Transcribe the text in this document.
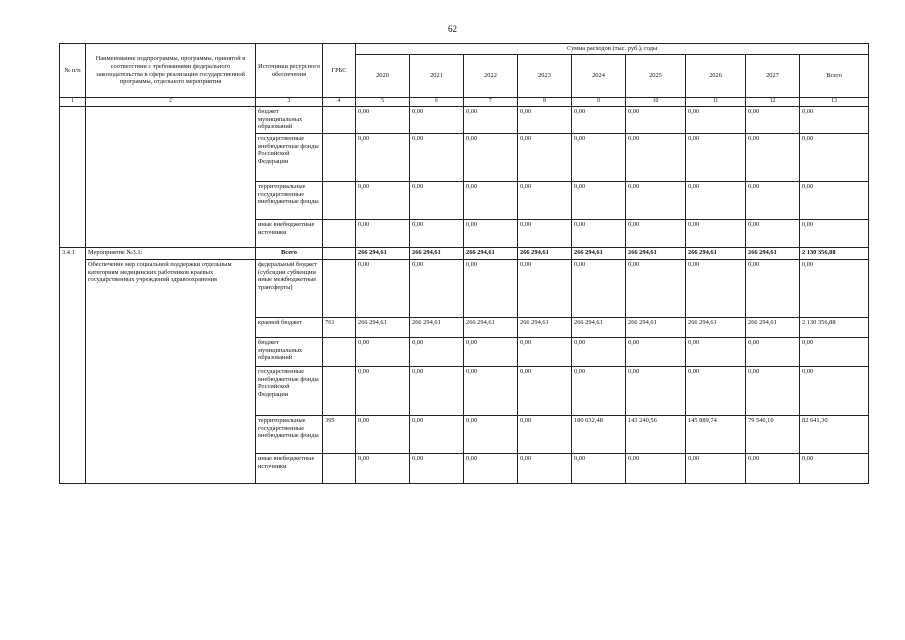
62
№ п/п	Наименование подпрограммы, программы, принятой в соответствии с требованиями федерального законодательства в сфере реализации государственной программы, отдельного мероприятия	Источники ресурсного обеспечения	ГРБС	Сумма расходов (тыс. руб.), годы								
				2020	2021	2022	2023	2024	2025	2026	2027	Всего
1	2	3	4	5	6	7	8	9	10	11	12	13
		бюджет муниципальных образований		0,00	0,00	0,00	0,00	0,00	0,00	0,00	0,00	0,00
		государственные внебюджетные фонды Российской Федерации		0,00	0,00	0,00	0,00	0,00	0,00	0,00	0,00	0,00
		территориальные государственные внебюджетные фонды		0,00	0,00	0,00	0,00	0,00	0,00	0,00	0,00	0,00
		иные внебюджетные источники		0,00	0,00	0,00	0,00	0,00	0,00	0,00	0,00	0,00
3.4.1	Мероприятие №3.1:	Всего		266 294,61	266 294,61	266 294,61	266 294,61	266 294,61	266 294,61	266 294,61	266 294,61	2 130 356,88
	Обеспечение мер социальной поддержки отдельным категориям медицинских работников краевых государственных учреждений здравоохранения	федеральный бюджет (субсидии субвенции иные межбюджетные трансферты)		0,00	0,00	0,00	0,00	0,00	0,00	0,00	0,00	0,00
		краевой бюджет	761	266 294,61	266 294,61	266 294,61	266 294,61	266 294,61	266 294,61	266 294,61	266 294,61	2 130 356,88
		бюджет муниципальных образований		0,00	0,00	0,00	0,00	0,00	0,00	0,00	0,00	0,00
		государственные внебюджетные фонды Российской Федерации		0,00	0,00	0,00	0,00	0,00	0,00	0,00	0,00	0,00
		территориальные государственные внебюджетные фонды	395	0,00	0,00	0,00	0,00	180 632,48	143 240,56	145 889,74	79 540,10	82 641,30
		иные внебюджетные источники		0,00	0,00	0,00	0,00	0,00	0,00	0,00	0,00	0,00
